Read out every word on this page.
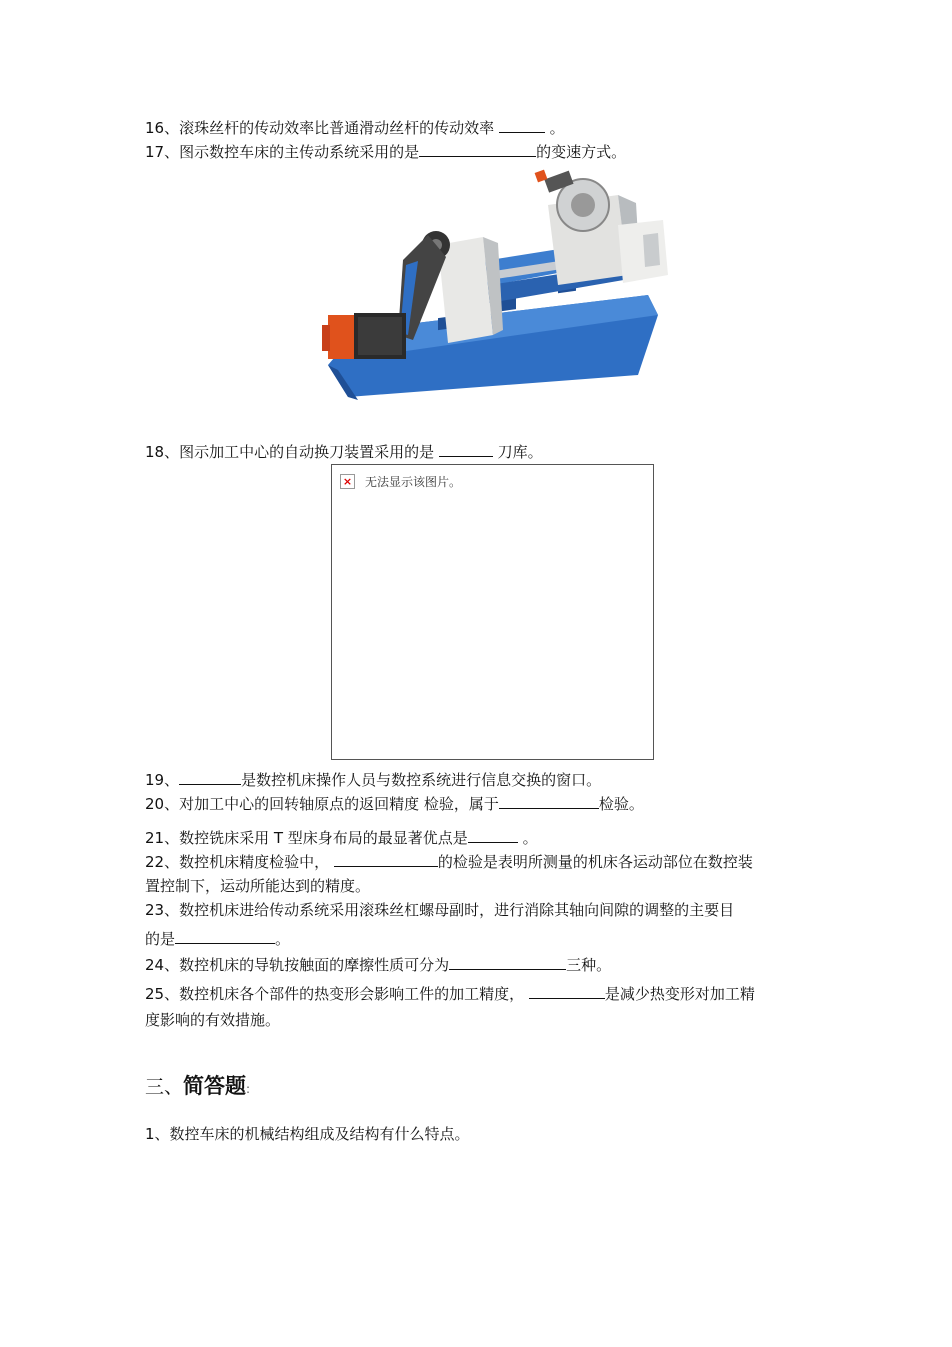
16、滚珠丝杆的传动效率比普通滑动丝杆的传动效率	。
17、图示数控车床的主传动系统采用的是	的变速方式。
18、图示加工中心的自动换刀装置采用的是	刀库。
× 无法显示该图片。
19、	是数控机床操作人员与数控系统进行信息交换的窗口。
20、对加工中心的回转轴原点的返回精度 检验，属于	检验。
21、数控铣床采用 T 型床身布局的最显著优点是	。
22、数控机床精度检验中，	的检验是表明所测量的机床各运动部位在数控装
置控制下，运动所能达到的精度。
23、数控机床进给传动系统采用滚珠丝杠螺母副时，进行消除其轴向间隙的调整的主要目
的是	。
24、数控机床的导轨按触面的摩擦性质可分为	三种。
25、数控机床各个部件的热变形会影响工件的加工精度，	是减少热变形对加工精
度影响的有效措施。
三、简答题:
1、数控车床的机械结构组成及结构有什么特点。
